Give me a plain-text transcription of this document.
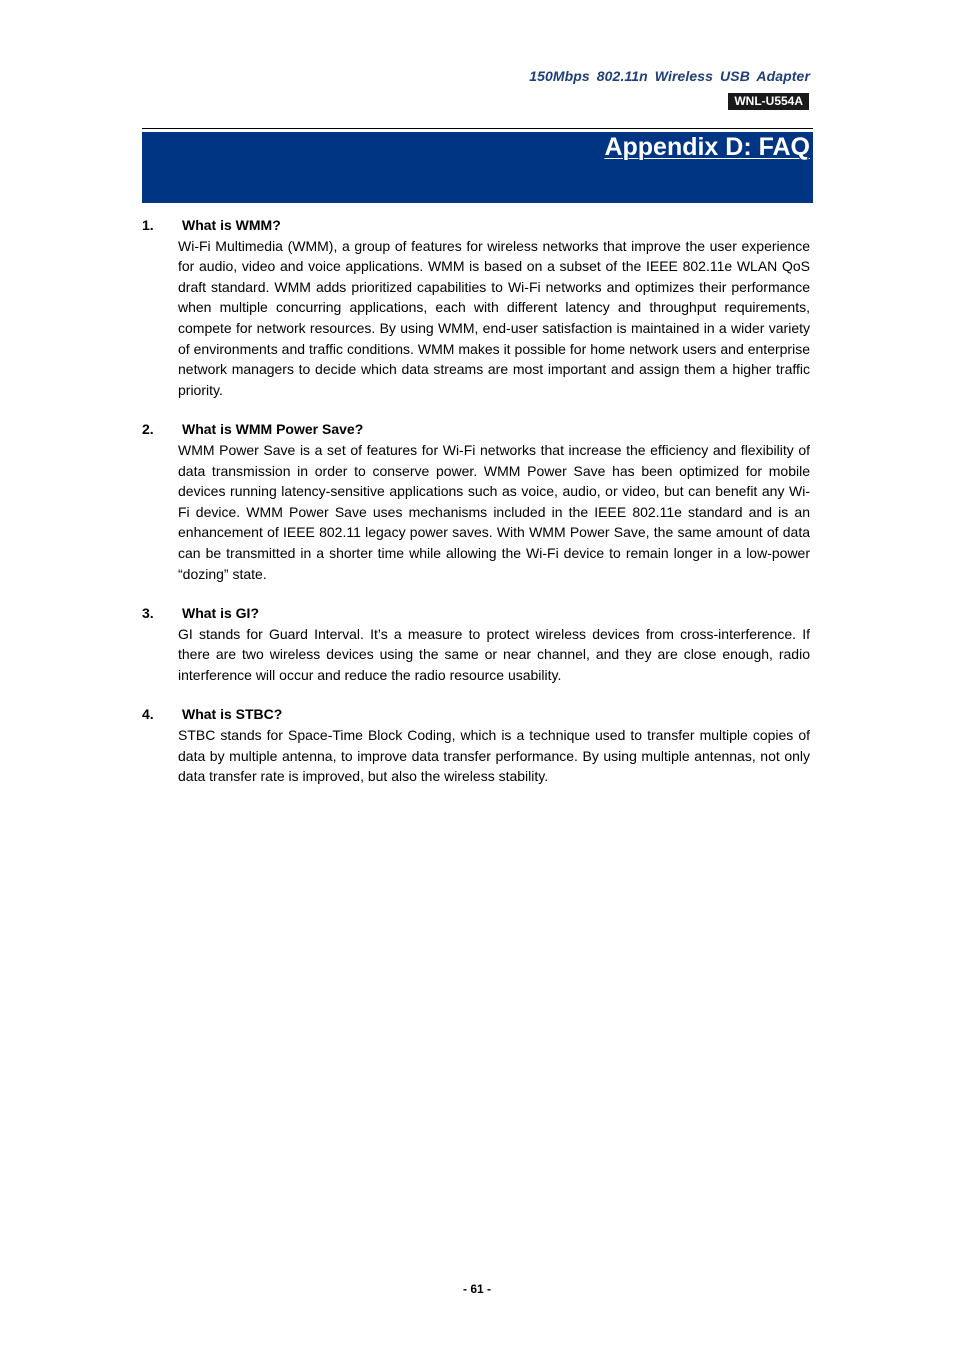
150Mbps 802.11n Wireless USB Adapter
WNL-U554A
Appendix D: FAQ
1.	What is WMM?
Wi-Fi Multimedia (WMM), a group of features for wireless networks that improve the user experience for audio, video and voice applications. WMM is based on a subset of the IEEE 802.11e WLAN QoS draft standard. WMM adds prioritized capabilities to Wi-Fi networks and optimizes their performance when multiple concurring applications, each with different latency and throughput requirements, compete for network resources. By using WMM, end-user satisfaction is maintained in a wider variety of environments and traffic conditions. WMM makes it possible for home network users and enterprise network managers to decide which data streams are most important and assign them a higher traffic priority.
2.	What is WMM Power Save?
WMM Power Save is a set of features for Wi-Fi networks that increase the efficiency and flexibility of data transmission in order to conserve power. WMM Power Save has been optimized for mobile devices running latency-sensitive applications such as voice, audio, or video, but can benefit any Wi-Fi device. WMM Power Save uses mechanisms included in the IEEE 802.11e standard and is an enhancement of IEEE 802.11 legacy power saves. With WMM Power Save, the same amount of data can be transmitted in a shorter time while allowing the Wi-Fi device to remain longer in a low-power “dozing” state.
3.	What is GI?
GI stands for Guard Interval. It’s a measure to protect wireless devices from cross-interference. If there are two wireless devices using the same or near channel, and they are close enough, radio interference will occur and reduce the radio resource usability.
4.	What is STBC?
STBC stands for Space-Time Block Coding, which is a technique used to transfer multiple copies of data by multiple antenna, to improve data transfer performance. By using multiple antennas, not only data transfer rate is improved, but also the wireless stability.
- 61 -
